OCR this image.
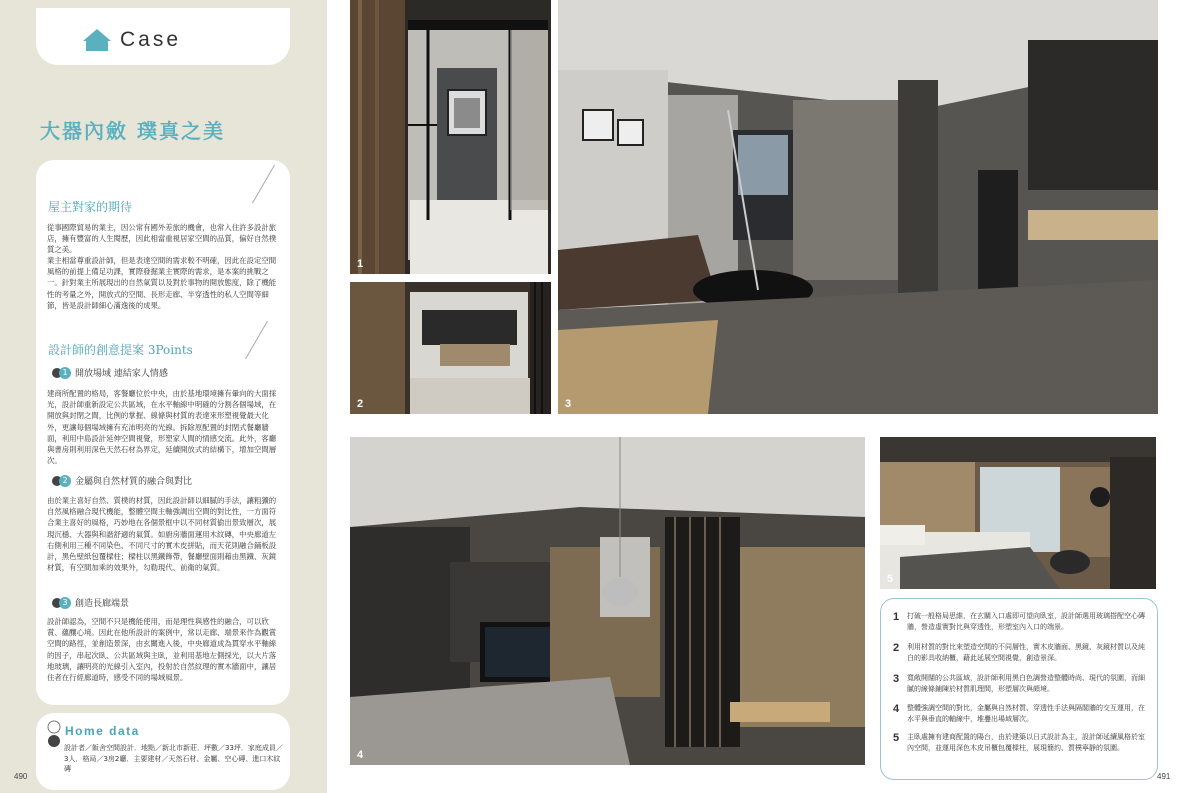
Case
大器內斂 璞真之美
屋主對家的期待
從事國際貿易的業主，因公常有國外差旅的機會，也常入住許多設計旅店，擁有豐富的人生閱歷，因此相當重視居家空間的品質，偏好自然樸質之美。
業主相當尊重設計師，但是表達空間的需求較不明確，因此在設定空間風格的前提上備足功課，實際發掘業主實際的需求，是本案的挑戰之一。針對業主所展現出的自然氣質以及對於事物的開放態度，除了機能性的考量之外，開放式的空間、長形走廊、半穿透性的私人空間等細節，皆是設計師細心滿逸後的成果。
設計師的創意提案 3Points
1 開放場域 連結家人情感
建商所配置的格局，客餐廳位於中央，由於基地環境擁有暈向的大面採光，設計師重新設定公共區域，在水平軸線中明確的分割各個場域，在開放與封閉之間，比例的掌握、線條與材質的表達來形塑視覺最大化外，更讓每個場域擁有充沛明亮的光線。拆除原配置的封閉式餐廳牆面，利用中島設計延伸空間視覺，形塑家人間的情感交流。此外，客廳與書房則利用深色天然石材為界定，延續開放式的結構下，增加空間層次。
2 金屬與自然材質的融合與對比
由於業主喜好自然、質樸的材質，因此設計師以細膩的手法，讓粗獷的自然風格融合現代機能，整體空間主軸強調出空間的對比性，一方面符合業主喜好的風格，巧妙地在各個景框中以不同材質偷出景致層次，展現沉穩、大器與和諧舒適的氣質。如廚房牆面運用木紋磚，中央廊道左右側利用三種不同染色、不同尺寸的實木皮拼貼，而天花則融合鋪板設計，黑色壁紙包覆樑柱；樑柱以黑鐵飾帶，餐廳壁面則藉由黑鐵、灰鏡材質，有空間加乘的效果外，勾勒現代、前衛的氣質。
3 創造長廊端景
設計師認為，空間不只是機能使用，而是理性與感性的融合，可以欣賞、蘊釀心境。因此在他所設計的案例中，常以走廊、端景來作為觀賞空間的路徑，並創造景深，由玄關進入後，中央廊道成為貫穿水平軸線的因子，串起次臥、公共區域與主臥，並利用基地左側採光，以大片落地玻璃，讓明亮的光線引入室內，投射於自然紋理的實木牆面中，讓居住者在行經廊道時，感受不同的場域風景。
Home data
設計者／飯舍空間設計．地點／新北市新莊．坪數／33坪．家庭成員／3人．格局／3房2廳．主要建材／天然石材、金屬、空心磚、進口木紋磚
490
1
2	3
4
5
1	打破一般格局思維，在玄關入口處即可望向臥室，設計師選用玻璃搭配空心磚牆，營造虛實對比與穿透性，形塑室內入口的端景。
2	利用材質的對比來塑造空間的不同層性，實木皮牆面、黑鏡、灰鏡材質以及純白的影具收納櫃，藉此延展空間視覺，創造景深。
3	寬敞開闊的公共區域，設計師利用黑白色調營造整體時尚、現代的氛圍，而細膩的線條鋪陳於材質肌理間，形塑層次與頗境。
4	整體強調空間的對比，金屬與自然材質、穿透性手法與隔閣牆的交互運用，在水平與垂直的軸線中，堆疊出場域層次。
5	主臥處擁有建商配置的陽台，由於建築以日式設計為主，設計師延續風格於室內空間，並運用深色木皮吊櫃包覆樑柱，展現簡約、質樸寧靜的氛圍。
491
